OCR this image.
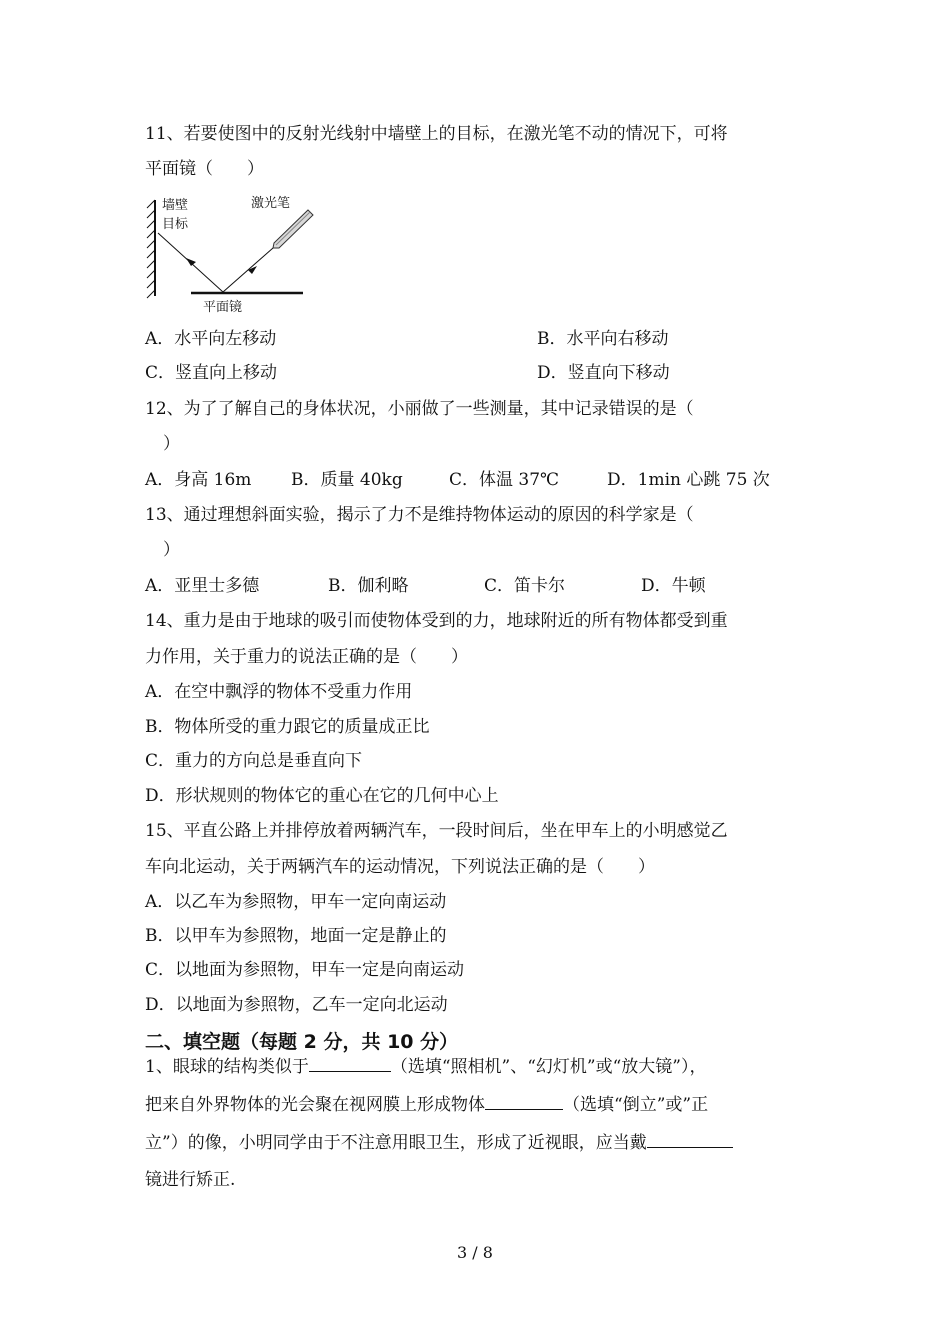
11、若要使图中的反射光线射中墙壁上的目标，在激光笔不动的情况下，可将
平面镜（　　）
墙壁
目标
激光笔
平面镜
A．水平向左移动	B．水平向右移动
C．竖直向上移动	D．竖直向下移动
12、为了了解自己的身体状况，小丽做了一些测量，其中记录错误的是（
）
A．身高 16m B．质量 40kg	C．体温 37℃	D．1min 心跳 75 次
13、通过理想斜面实验，揭示了力不是维持物体运动的原因的科学家是（
）
A．亚里士多德	B．伽利略	C．笛卡尔	D．牛顿
14、重力是由于地球的吸引而使物体受到的力，地球附近的所有物体都受到重
力作用，关于重力的说法正确的是（　　）
A．在空中飘浮的物体不受重力作用
B．物体所受的重力跟它的质量成正比
C．重力的方向总是垂直向下
D．形状规则的物体它的重心在它的几何中心上
15、平直公路上并排停放着两辆汽车，一段时间后，坐在甲车上的小明感觉乙
车向北运动，关于两辆汽车的运动情况，下列说法正确的是（　　）
A．以乙车为参照物，甲车一定向南运动
B．以甲车为参照物，地面一定是静止的
C．以地面为参照物，甲车一定是向南运动
D．以地面为参照物，乙车一定向北运动
二、填空题（每题 2 分，共 10 分）
1、眼球的结构类似于	（选填“照相机”、“幻灯机”或“放大镜”），
把来自外界物体的光会聚在视网膜上形成物体	（选填“倒立”或”正
立”）的像，小明同学由于不注意用眼卫生，形成了近视眼，应当戴
镜进行矫正.
3 / 8
